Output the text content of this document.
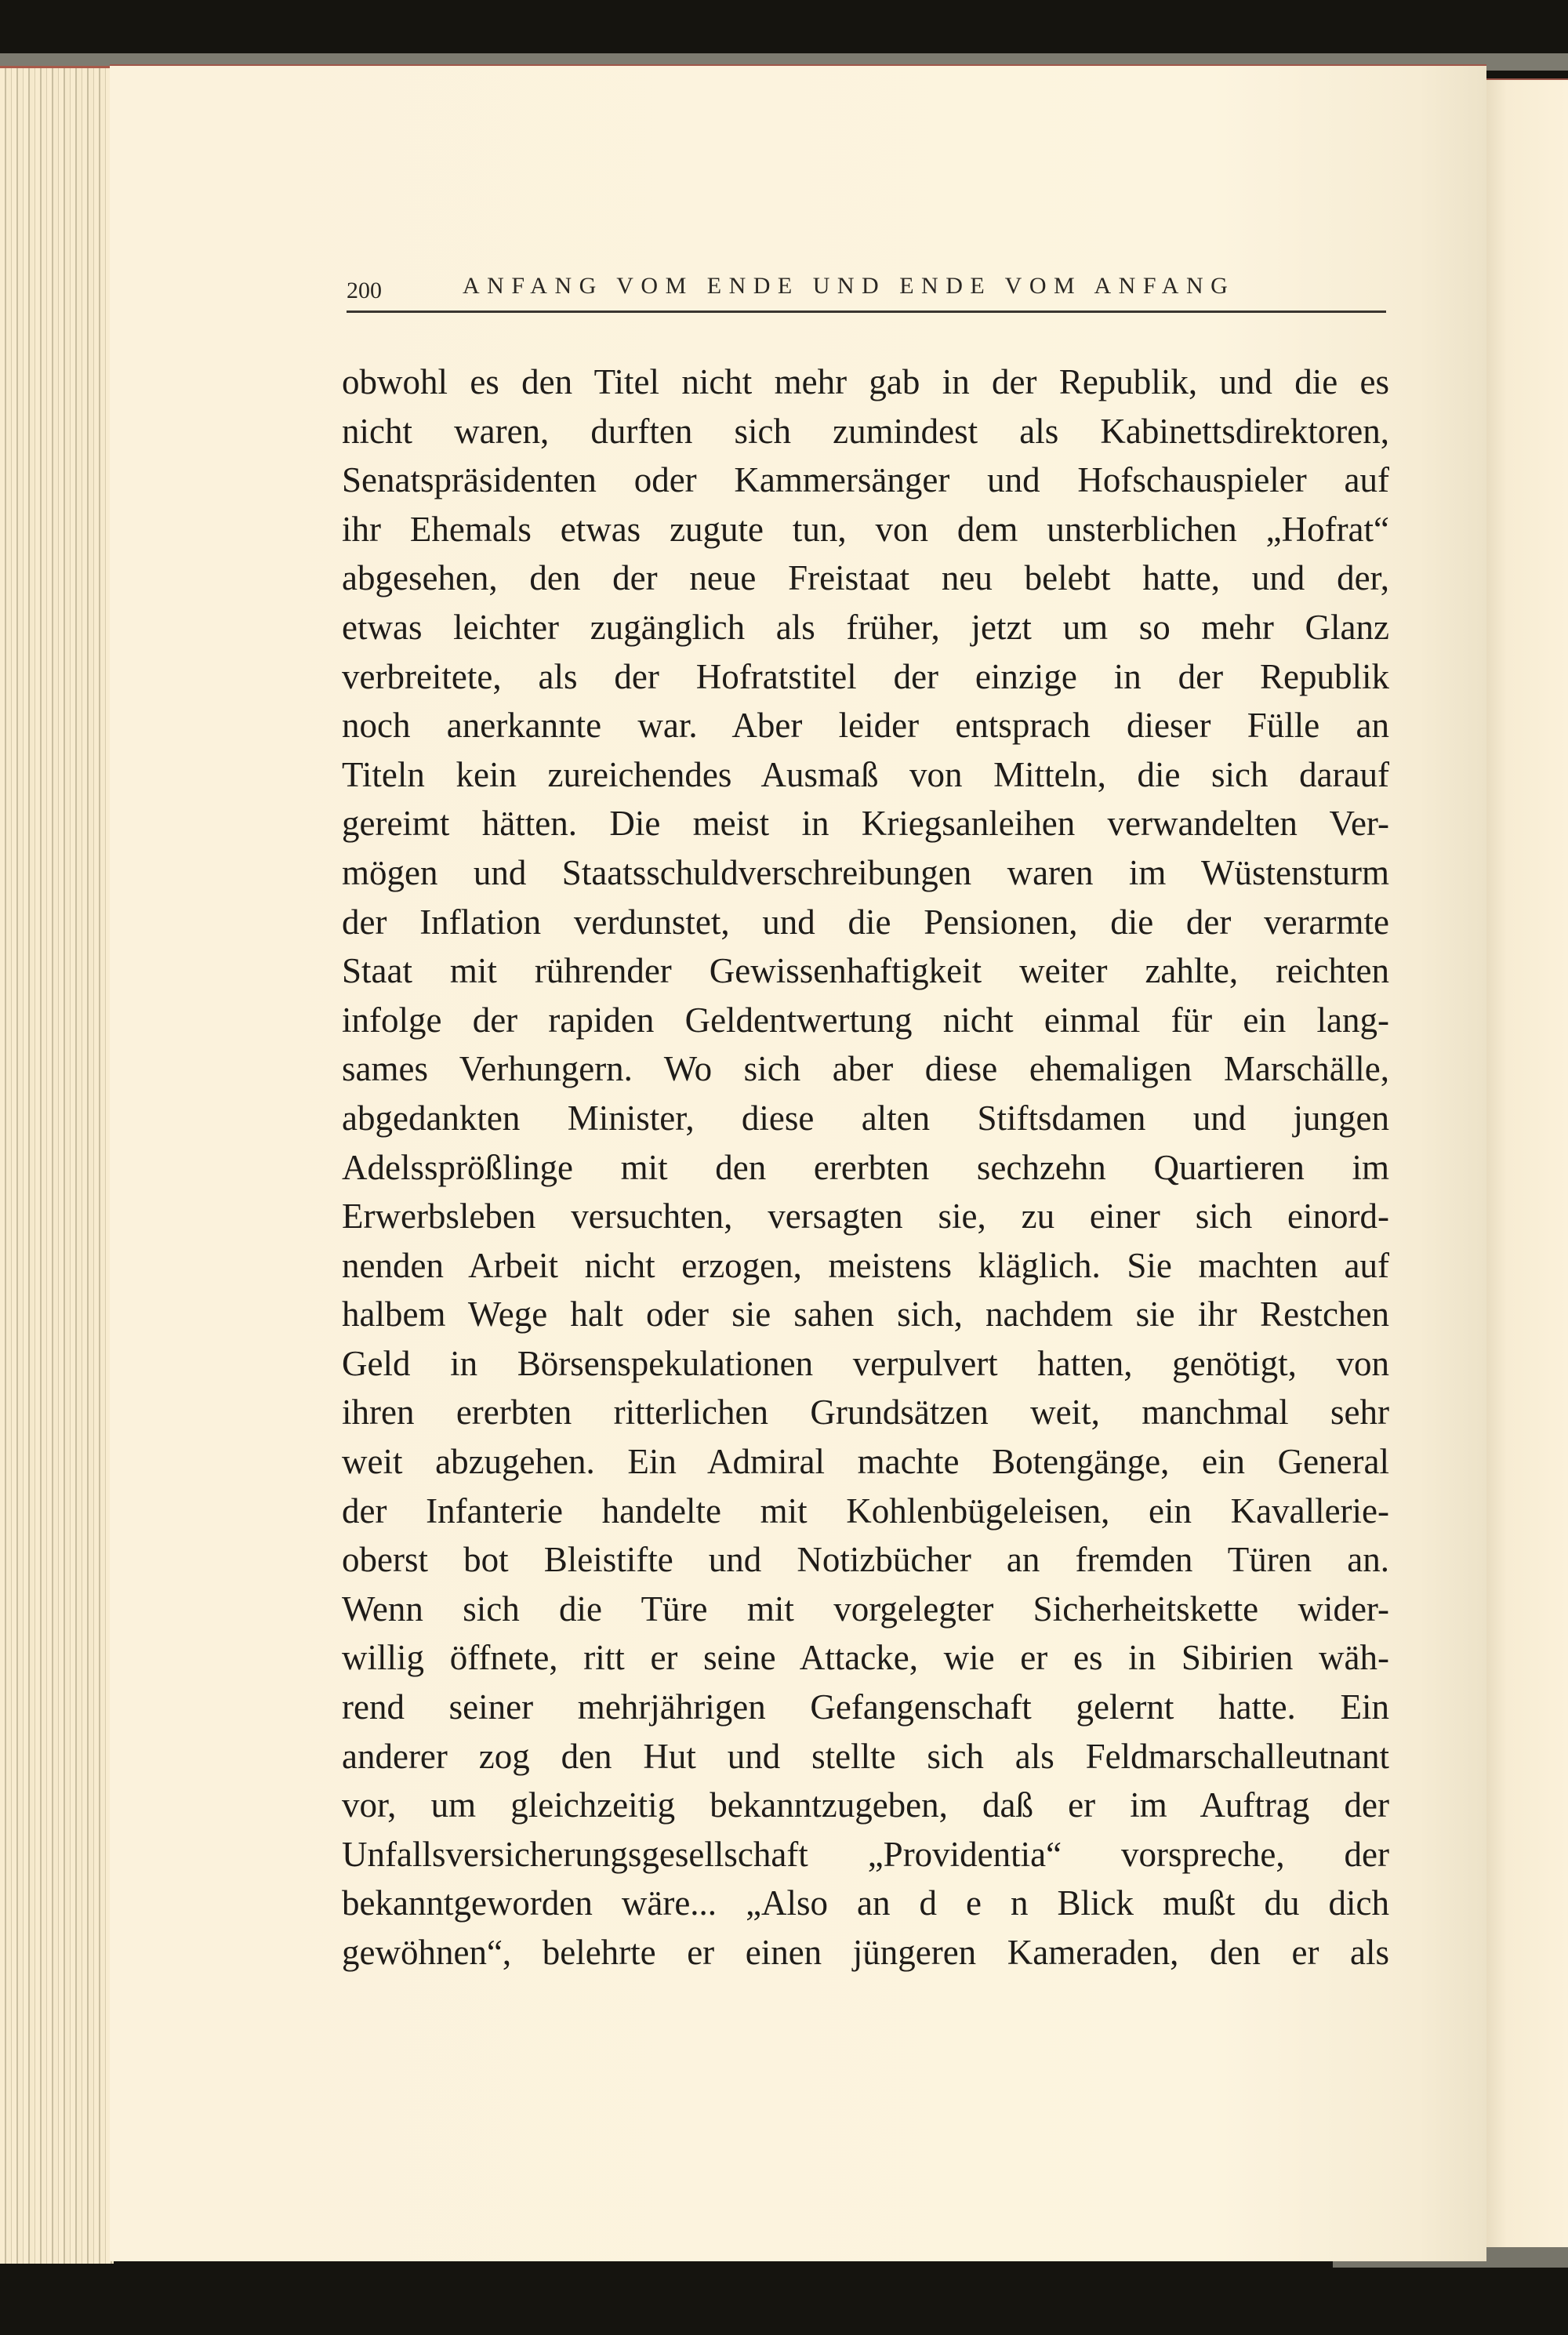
200	ANFANG VOM ENDE UND ENDE VOM ANFANG
obwohl es den Titel nicht mehr gab in der Republik, und die es
nicht waren, durften sich zumindest als Kabinettsdirektoren,
Senatspräsidenten oder Kammersänger und Hofschauspieler auf
ihr Ehemals etwas zugute tun, von dem unsterblichen „Hofrat“
abgesehen, den der neue Freistaat neu belebt hatte, und der,
etwas leichter zugänglich als früher, jetzt um so mehr Glanz
verbreitete, als der Hofratstitel der einzige in der Republik
noch anerkannte war. Aber leider entsprach dieser Fülle an
Titeln kein zureichendes Ausmaß von Mitteln, die sich darauf
gereimt hätten. Die meist in Kriegsanleihen verwandelten Ver-
mögen und Staatsschuldverschreibungen waren im Wüstensturm
der Inflation verdunstet, und die Pensionen, die der verarmte
Staat mit rührender Gewissenhaftigkeit weiter zahlte, reichten
infolge der rapiden Geldentwertung nicht einmal für ein lang-
sames Verhungern. Wo sich aber diese ehemaligen Marschälle,
abgedankten Minister, diese alten Stiftsdamen und jungen
Adelssprößlinge mit den ererbten sechzehn Quartieren im
Erwerbsleben versuchten, versagten sie, zu einer sich einord-
nenden Arbeit nicht erzogen, meistens kläglich. Sie machten auf
halbem Wege halt oder sie sahen sich, nachdem sie ihr Restchen
Geld in Börsenspekulationen verpulvert hatten, genötigt, von
ihren ererbten ritterlichen Grundsätzen weit, manchmal sehr
weit abzugehen. Ein Admiral machte Botengänge, ein General
der Infanterie handelte mit Kohlenbügeleisen, ein Kavallerie-
oberst bot Bleistifte und Notizbücher an fremden Türen an.
Wenn sich die Türe mit vorgelegter Sicherheitskette wider-
willig öffnete, ritt er seine Attacke, wie er es in Sibirien wäh-
rend seiner mehrjährigen Gefangenschaft gelernt hatte. Ein
anderer zog den Hut und stellte sich als Feldmarschalleutnant
vor, um gleichzeitig bekanntzugeben, daß er im Auftrag der
Unfallsversicherungsgesellschaft „Providentia“ vorspreche, der
bekanntgeworden wäre... „Also an d e n Blick mußt du dich
gewöhnen“, belehrte er einen jüngeren Kameraden, den er als
